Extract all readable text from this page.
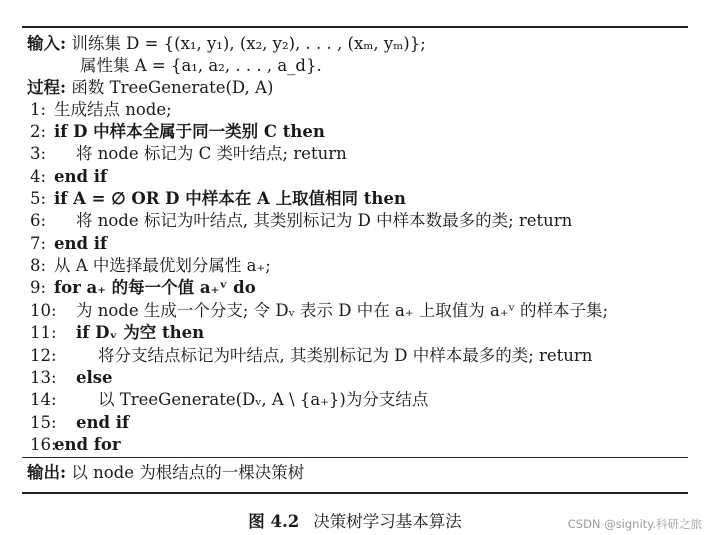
输入: 训练集 D = {(x₁, y₁), (x₂, y₂), . . . , (xₘ, yₘ)};
属性集 A = {a₁, a₂, . . . , a_d}.
过程: 函数 TreeGenerate(D, A)
1: 生成结点 node;
2: if D 中样本全属于同一类别 C then
3: 将 node 标记为 C 类叶结点; return
4: end if
5: if A = ∅ OR D 中样本在 A 上取值相同 then
6: 将 node 标记为叶结点, 其类别标记为 D 中样本数最多的类; return
7: end if
8: 从 A 中选择最优划分属性 a₊;
9: for a₊ 的每一个值 a₊ᵛ do
10: 为 node 生成一个分支; 令 Dᵥ 表示 D 中在 a₊ 上取值为 a₊ᵛ 的样本子集;
11: if Dᵥ 为空 then
12:	将分支结点标记为叶结点, 其类别标记为 D 中样本最多的类; return
13: else
14:	以 TreeGenerate(Dᵥ, A \ {a₊})为分支结点
15: end if
16:
end for
输出: 以 node 为根结点的一棵决策树
图 4.2 决策树学习基本算法	CSDN @signity.科研之旅
